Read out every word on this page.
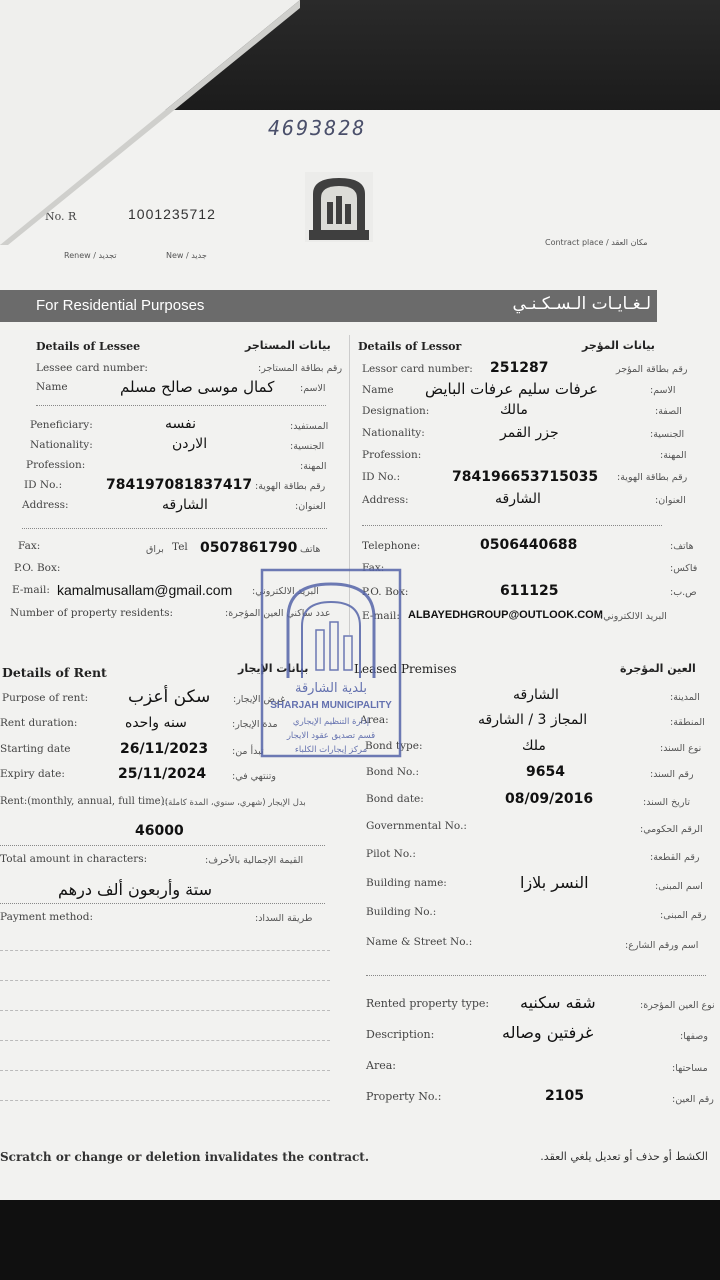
4693828
No. R	1001235712
Renew / تجديد	New / جديد
Contract place / مكان العقد
For Residential Purposes	لـغـايـات الـسـكـنـي
Details of Lessee	بيانات المستاجر
Lessee card number:	رقم بطاقة المستاجر:
Name	كمال موسى صالح مسلم	الاسم:
Peneficiary:	نفسه	المستفيد:
Nationality:	الاردن	الجنسية:
Profession:	المهنة:
ID No.:	784197081837417 رقم بطاقة الهوية:
Address:	الشارقه	العنوان:
Fax:	براق Tel 0507861790 هاتف
P.O. Box:
E-mail: kamalmusallam@gmail.com البريد الالكتروني:
Number of property residents:	عدد ساكني العين المؤجرة:
Details of Lessor	بيانات المؤجر
Lessor card number: 251287	رقم بطاقة المؤجر
Name عرفات سليم عرفات البايض	الاسم:
Designation:	مالك	الصفة:
Nationality:	جزر القمر	الجنسية:
Profession:	المهنة:
ID No.:	784196653715035 رقم بطاقة الهوية:
Address:	الشارقه	العنوان:
Telephone:	0506440688	هاتف:
Fax:	فاكس:
P.O. Box:	611125	ص.ب:
E-mail: ALBAYEDHGROUP@OUTLOOK.COM
البريد الالكتروني:
Details of Rent	بيانات الإيجار
Purpose of rent: سكن أعزب غرض الإيجار:
Rent duration:	سنه واحده	مدة الإيجار:
Starting date	26/11/2023	تبدأ من:
Expiry date:	25/11/2024	وتنتهي في:
Rent:(monthly, annual, full time):
بدل الإيجار (شهري، سنوي، المدة كاملة):
46000
Total amount in characters:	القيمة الإجمالية بالأحرف:
ستة وأربعون ألف درهم
Payment method:	طريقة السداد:
Leased Premises	العين المؤجرة
الشارقه	المدينة:
Area:	المجاز 3 / الشارقه	المنطقة:
Bond type:	ملك	نوع السند:
Bond No.:	9654	رقم السند:
Bond date:	08/09/2016	تاريخ السند:
Governmental No.:	الرقم الحكومي:
Pilot No.:	رقم القطعة:
Building name:	النسر بلازا	اسم المبنى:
Building No.:	رقم المبنى:
Name & Street No.:	اسم ورقم الشارع:
Rented property type: شقه سكنيه	نوع العين المؤجرة:
Description:	غرفتين وصاله	وصفها:
Area:	مساحتها:
Property No.:	2105	رقم العين:
بلدية الشارقة
SHARJAH MUNICIPALITY
إدارة التنظيم الإيجاري
قسم تصديق عقود الايجار
مركز إيجارات الكلباء
Scratch or change or deletion invalidates the contract.	الكشط أو حذف أو تعديل يلغي العقد.
